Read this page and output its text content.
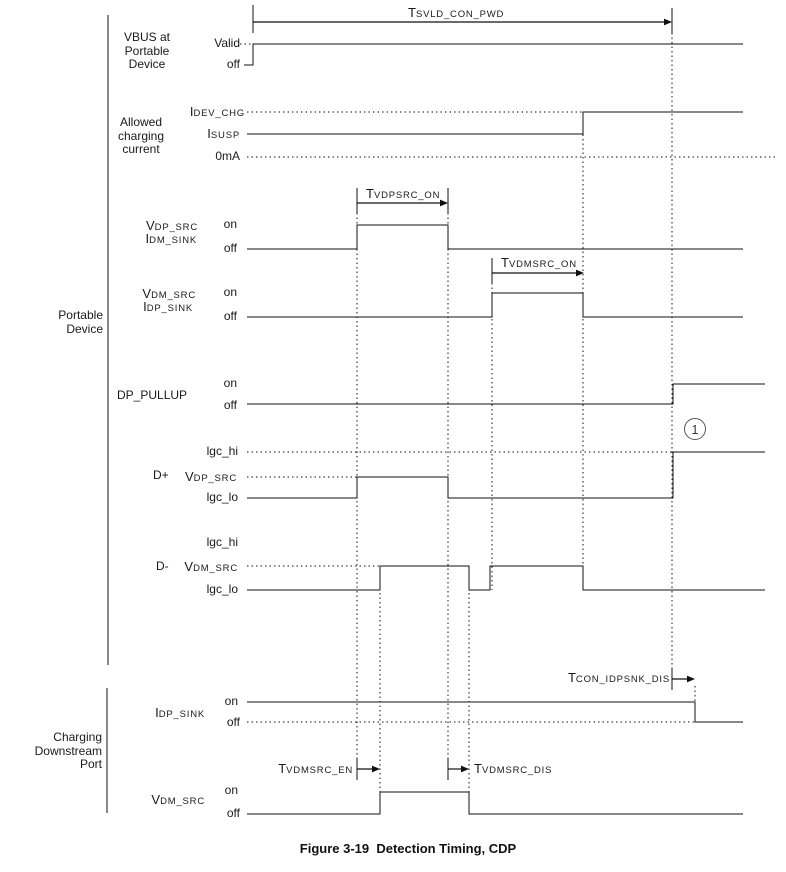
VBUS at
Portable
Device
Allowed
charging
current
Portable
Device
Charging
Downstream
Port
Valid
off
TSVLD_CON_PWD
IDEV_CHG
ISUSP
0mA
TVDPSRC_ON
VDP_SRC
IDM_SINK
on
off
TVDMSRC_ON
VDM_SRC
IDP_SINK
on
off
DP_PULLUP
on
off
1
lgc_hi
D+ VDP_SRC
lgc_lo
lgc_hi
D- VDM_SRC
lgc_lo
TCON_IDPSNK_DIS
IDP_SINK
on
off
TVDMSRC_EN	TVDMSRC_DIS
VDM_SRC
on
off
Figure 3-19  Detection Timing, CDP
